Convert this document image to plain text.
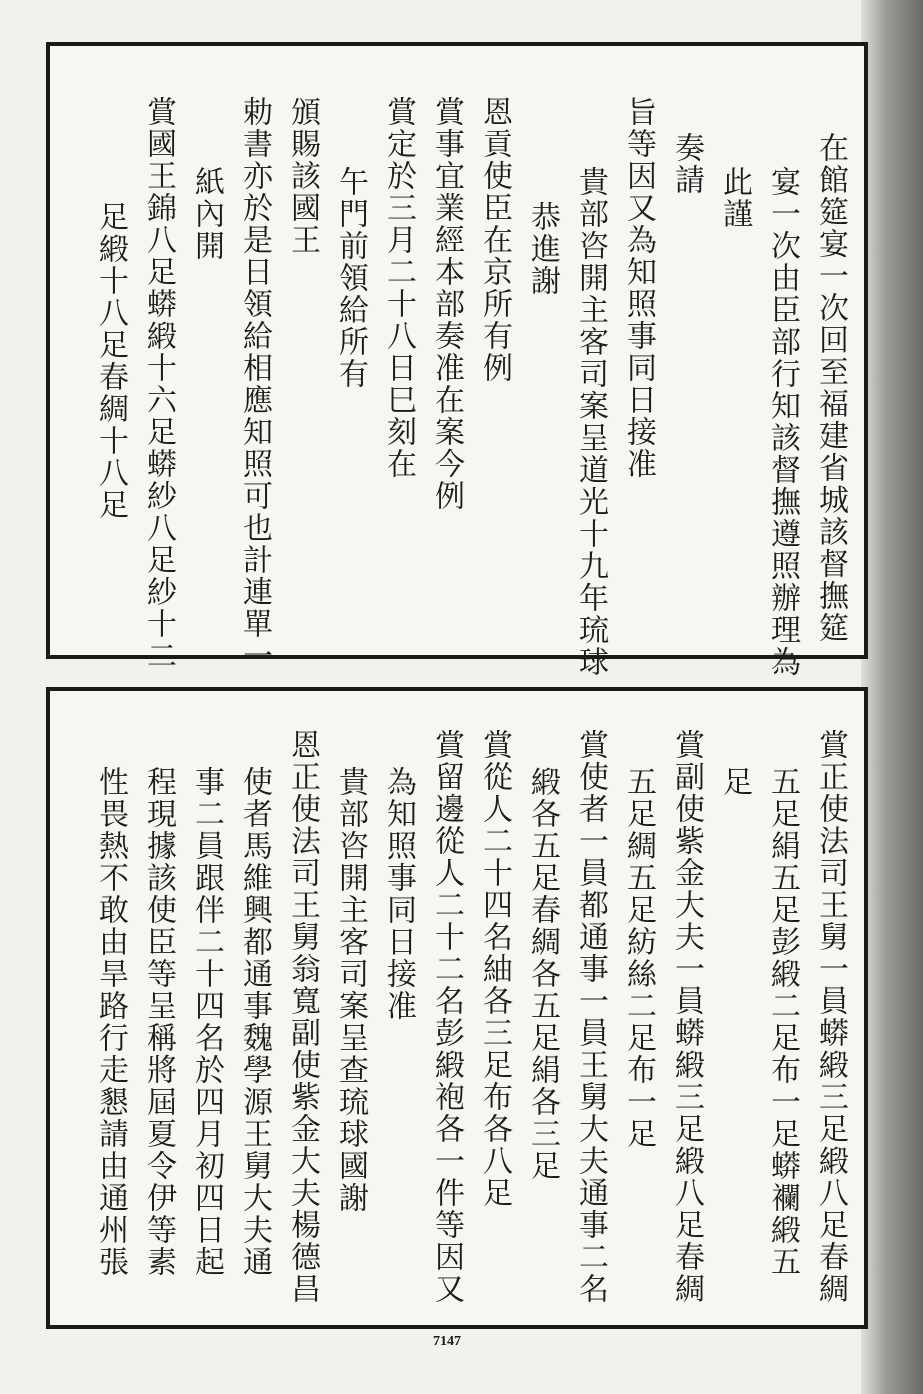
在館筵宴一次回至福建省城該督撫筵
宴一次由臣部行知該督撫遵照辦理為
此謹
奏請
旨等因又為知照事同日接准
貴部咨開主客司案呈道光十九年琉球
恭進謝
恩貢使臣在京所有例
賞事宜業經本部奏准在案今例
賞定於三月二十八日巳刻在
午門前領給所有
頒賜該國王
勅書亦於是日領給相應知照可也計連單一
紙內開
賞國王錦八足蟒緞十六足蟒紗八足紗十二
足緞十八足春綢十八足
賞正使法司王舅一員蟒緞三足緞八足春綢
五足絹五足彭緞二足布一足蟒襴緞五
足
賞副使紫金大夫一員蟒緞三足緞八足春綢
五足綢五足紡絲二足布一足
賞使者一員都通事一員王舅大夫通事二名
緞各五足春綢各五足絹各三足
賞從人二十四名紬各三足布各八足
賞留邊從人二十二名彭緞袍各一件等因又
為知照事同日接准
貴部咨開主客司案呈查琉球國謝
恩正使法司王舅翁寬副使紫金大夫楊德昌
使者馬維興都通事魏學源王舅大夫通
事二員跟伴二十四名於四月初四日起
程現據該使臣等呈稱將屆夏令伊等素
性畏熱不敢由旱路行走懇請由通州張
7147
